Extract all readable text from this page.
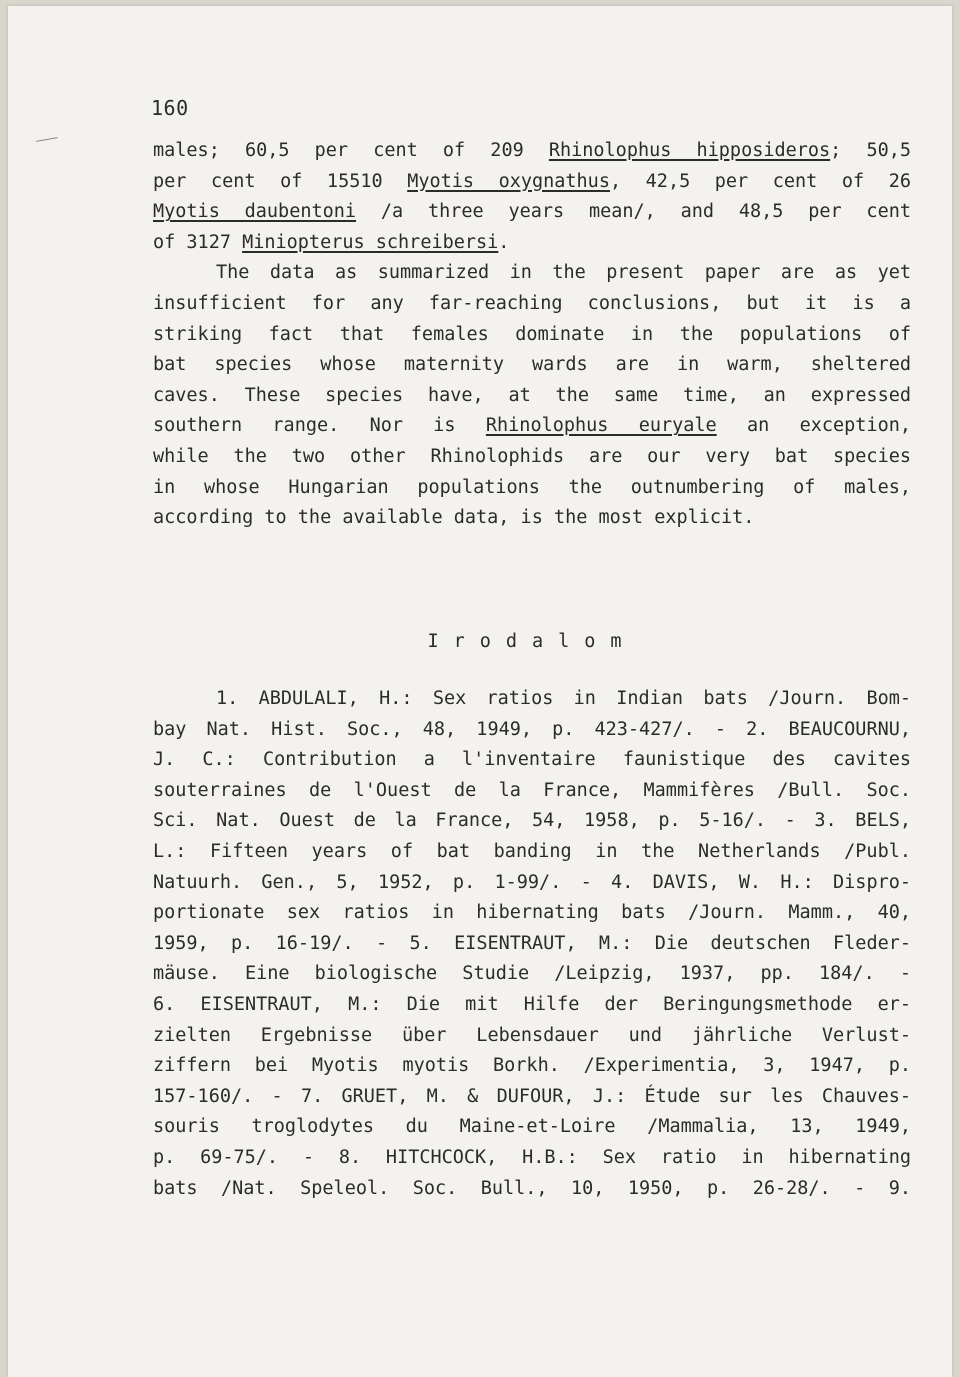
160
males; 60,5 per cent of 209 Rhinolophus hipposideros; 50,5
per cent of 15510 Myotis oxygnathus, 42,5 per cent of 26
Myotis daubentoni /a three years mean/, and 48,5 per cent
of 3127 Miniopterus schreibersi.
The data as summarized in the present paper are as yet
insufficient for any far-reaching conclusions, but it is a
striking fact that females dominate in the populations of
bat species whose maternity wards are in warm, sheltered
caves. These species have, at the same time, an expressed
southern range. Nor is Rhinolophus euryale an exception,
while the two other Rhinolophids are our very bat species
in whose Hungarian populations the outnumbering of males,
according to the available data, is the most explicit.
Irodalom
1. ABDULALI, H.: Sex ratios in Indian bats /Journ. Bom-
bay Nat. Hist. Soc., 48, 1949, p. 423-427/. - 2. BEAUCOURNU,
J. C.: Contribution a l'inventaire faunistique des cavites
souterraines de l'Ouest de la France, Mammifères /Bull. Soc.
Sci. Nat. Ouest de la France, 54, 1958, p. 5-16/. - 3. BELS,
L.: Fifteen years of bat banding in the Netherlands /Publ.
Natuurh. Gen., 5, 1952, p. 1-99/. - 4. DAVIS, W. H.: Dispro-
portionate sex ratios in hibernating bats /Journ. Mamm., 40,
1959, p. 16-19/. - 5. EISENTRAUT, M.: Die deutschen Fleder-
mäuse. Eine biologische Studie /Leipzig, 1937, pp. 184/. -
6. EISENTRAUT, M.: Die mit Hilfe der Beringungsmethode er-
zielten Ergebnisse über Lebensdauer und jährliche Verlust-
ziffern bei Myotis myotis Borkh. /Experimentia, 3, 1947, p.
157-160/. - 7. GRUET, M. & DUFOUR, J.: Étude sur les Chauves-
souris troglodytes du Maine-et-Loire /Mammalia, 13, 1949,
p. 69-75/. - 8. HITCHCOCK, H.B.: Sex ratio in hibernating
bats /Nat. Speleol. Soc. Bull., 10, 1950, p. 26-28/. - 9.
